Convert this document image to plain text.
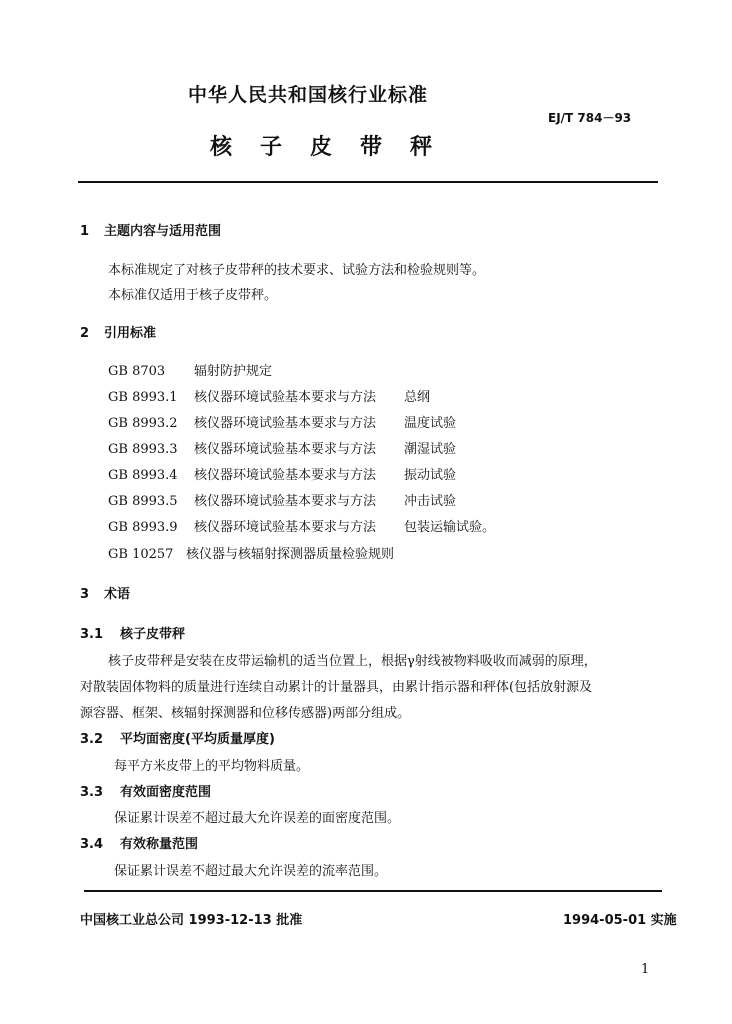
中华人民共和国核行业标准
EJ/T 784－93
核子皮带秤
1 主题内容与适用范围
本标准规定了对核子皮带秤的技术要求、试验方法和检验规则等。
本标准仅适用于核子皮带秤。
2 引用标准
GB 8703 辐射防护规定
GB 8993.1 核仪器环境试验基本要求与方法 总纲
GB 8993.2 核仪器环境试验基本要求与方法 温度试验
GB 8993.3 核仪器环境试验基本要求与方法 潮湿试验
GB 8993.4 核仪器环境试验基本要求与方法 振动试验
GB 8993.5 核仪器环境试验基本要求与方法 冲击试验
GB 8993.9 核仪器环境试验基本要求与方法 包装运输试验。
GB 10257 核仪器与核辐射探测器质量检验规则
3 术语
3.1 核子皮带秤
核子皮带秤是安装在皮带运输机的适当位置上，根据γ射线被物料吸收而减弱的原理，
对散装固体物料的质量进行连续自动累计的计量器具，由累计指示器和秤体(包括放射源及
源容器、框架、核辐射探测器和位移传感器)两部分组成。
3.2 平均面密度(平均质量厚度)
每平方米皮带上的平均物料质量。
3.3 有效面密度范围
保证累计误差不超过最大允许误差的面密度范围。
3.4 有效称量范围
保证累计误差不超过最大允许误差的流率范围。
中国核工业总公司 1993-12-13 批准	1994-05-01 实施
1
